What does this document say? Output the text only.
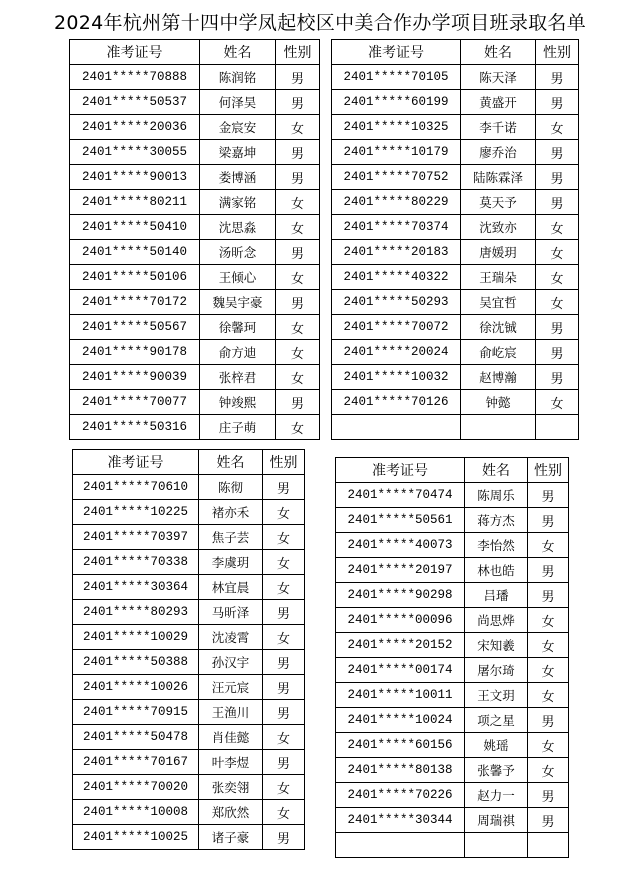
2024年杭州第十四中学凤起校区中美合作办学项目班录取名单
准考证号	姓名	性别
2401*****70888	陈润铭	男
2401*****50537	何泽昊	男
2401*****20036	金宸安	女
2401*****30055	梁嘉坤	男
2401*****90013	娄博涵	男
2401*****80211	满家铭	女
2401*****50410	沈思淼	女
2401*****50140	汤昕念	男
2401*****50106	王倾心	女
2401*****70172	魏吴宇豪	男
2401*****50567	徐馨珂	女
2401*****90178	俞方迪	女
2401*****90039	张梓君	女
2401*****70077	钟竣熙	男
2401*****50316	庄子萌	女
准考证号	姓名	性别
2401*****70105	陈天泽	男
2401*****60199	黄盛开	男
2401*****10325	李千诺	女
2401*****10179	廖乔治	男
2401*****70752	陆陈霖泽	男
2401*****80229	莫天予	男
2401*****70374	沈致亦	女
2401*****20183	唐媛玥	女
2401*****40322	王瑞朵	女
2401*****50293	吴宜哲	女
2401*****70072	徐沈铖	男
2401*****20024	俞屹宸	男
2401*****10032	赵博瀚	男
2401*****70126	钟懿	女

准考证号	姓名	性别
2401*****70610	陈彻	男
2401*****10225	褚亦禾	女
2401*****70397	焦子芸	女
2401*****70338	李虞玥	女
2401*****30364	林宜晨	女
2401*****80293	马昕泽	男
2401*****10029	沈凌霄	女
2401*****50388	孙汉宇	男
2401*****10026	汪元宸	男
2401*****70915	王渔川	男
2401*****50478	肖佳懿	女
2401*****70167	叶李煜	男
2401*****70020	张奕翎	女
2401*****10008	郑欣然	女
2401*****10025	诸子豪	男
准考证号	姓名	性别
2401*****70474	陈周乐	男
2401*****50561	蒋方杰	男
2401*****40073	李怡然	女
2401*****20197	林也皓	男
2401*****90298	吕璠	男
2401*****00096	尚思烨	女
2401*****20152	宋知羲	女
2401*****00174	屠尔琦	女
2401*****10011	王文玥	女
2401*****10024	项之星	男
2401*****60156	姚瑶	女
2401*****80138	张馨予	女
2401*****70226	赵力一	男
2401*****30344	周瑞祺	男
